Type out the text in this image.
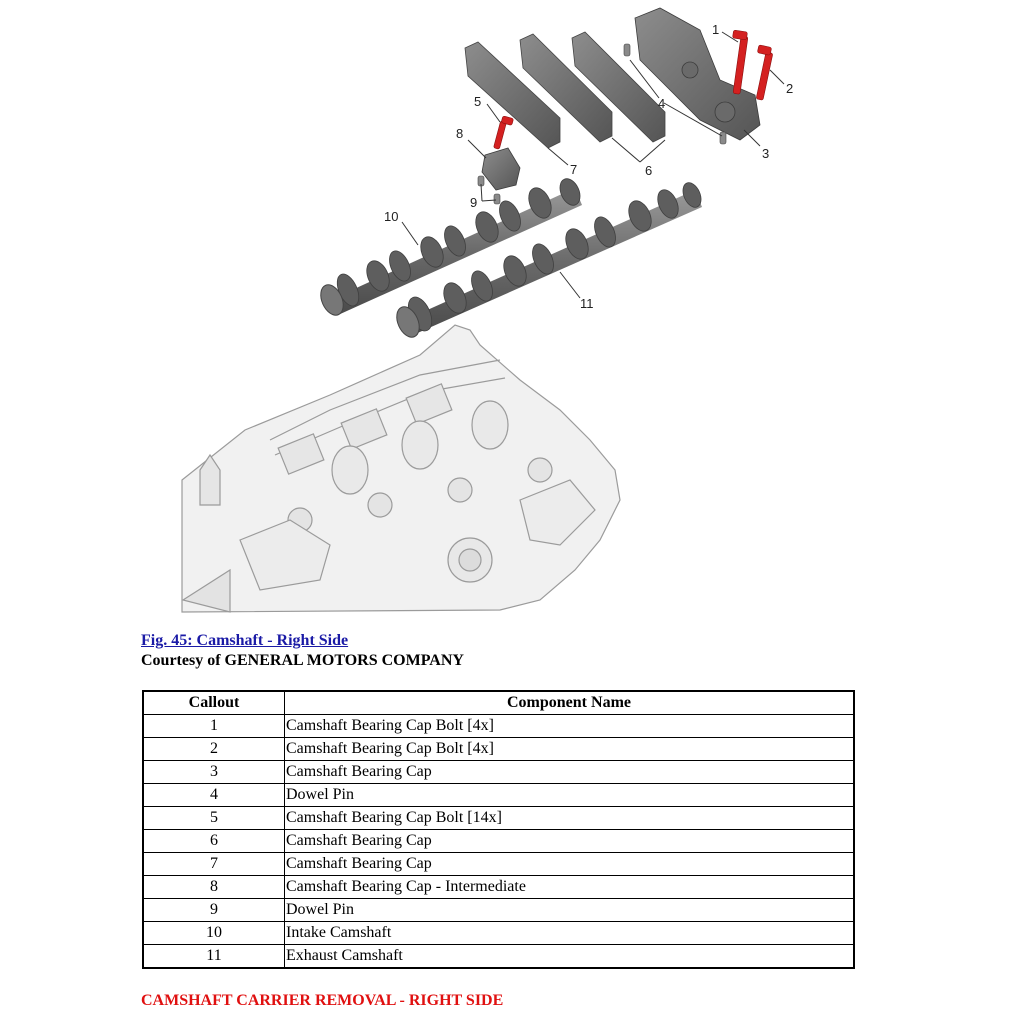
1
2
3
4
5
6
7
8
9
10
11
Fig. 45: Camshaft - Right Side
Courtesy of GENERAL MOTORS COMPANY
Callout	Component Name
1	Camshaft Bearing Cap Bolt [4x]
2	Camshaft Bearing Cap Bolt [4x]
3	Camshaft Bearing Cap
4	Dowel Pin
5	Camshaft Bearing Cap Bolt [14x]
6	Camshaft Bearing Cap
7	Camshaft Bearing Cap
8	Camshaft Bearing Cap - Intermediate
9	Dowel Pin
10	Intake Camshaft
11	Exhaust Camshaft
CAMSHAFT CARRIER REMOVAL - RIGHT SIDE
